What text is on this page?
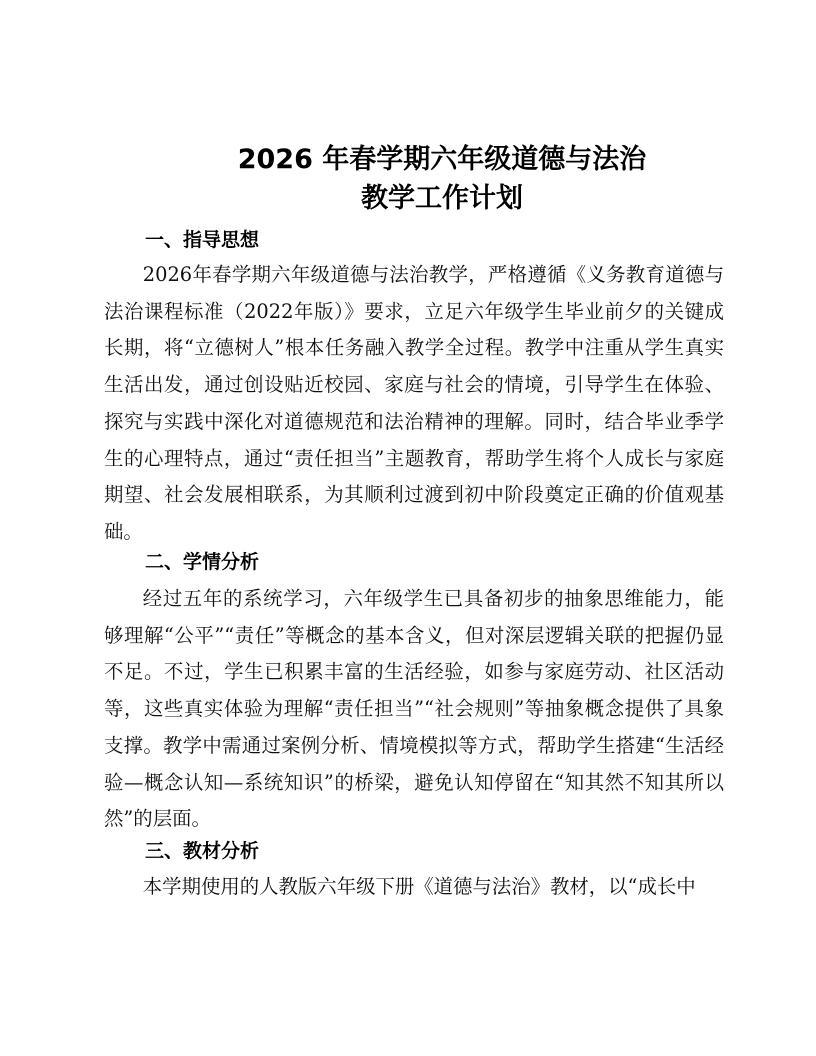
2026 年春学期六年级道德与法治
教学工作计划
一、指导思想

2026年春学期六年级道德与法治教学，严格遵循《义务教育道德与法治课程标准（2022年版）》要求，立足六年级学生毕业前夕的关键成长期，将“立德树人”根本任务融入教学全过程。教学中注重从学生真实生活出发，通过创设贴近校园、家庭与社会的情境，引导学生在体验、探究与实践中深化对道德规范和法治精神的理解。同时，结合毕业季学生的心理特点，通过“责任担当”主题教育，帮助学生将个人成长与家庭期望、社会发展相联系，为其顺利过渡到初中阶段奠定正确的价值观基础。

二、学情分析

经过五年的系统学习，六年级学生已具备初步的抽象思维能力，能够理解“公平”“责任”等概念的基本含义，但对深层逻辑关联的把握仍显不足。不过，学生已积累丰富的生活经验，如参与家庭劳动、社区活动等，这些真实体验为理解“责任担当”“社会规则”等抽象概念提供了具象支撑。教学中需通过案例分析、情境模拟等方式，帮助学生搭建“生活经验—概念认知—系统知识”的桥梁，避免认知停留在“知其然不知其所以然”的层面。

三、教材分析

本学期使用的人教版六年级下册《道德与法治》教材，以“成长中
